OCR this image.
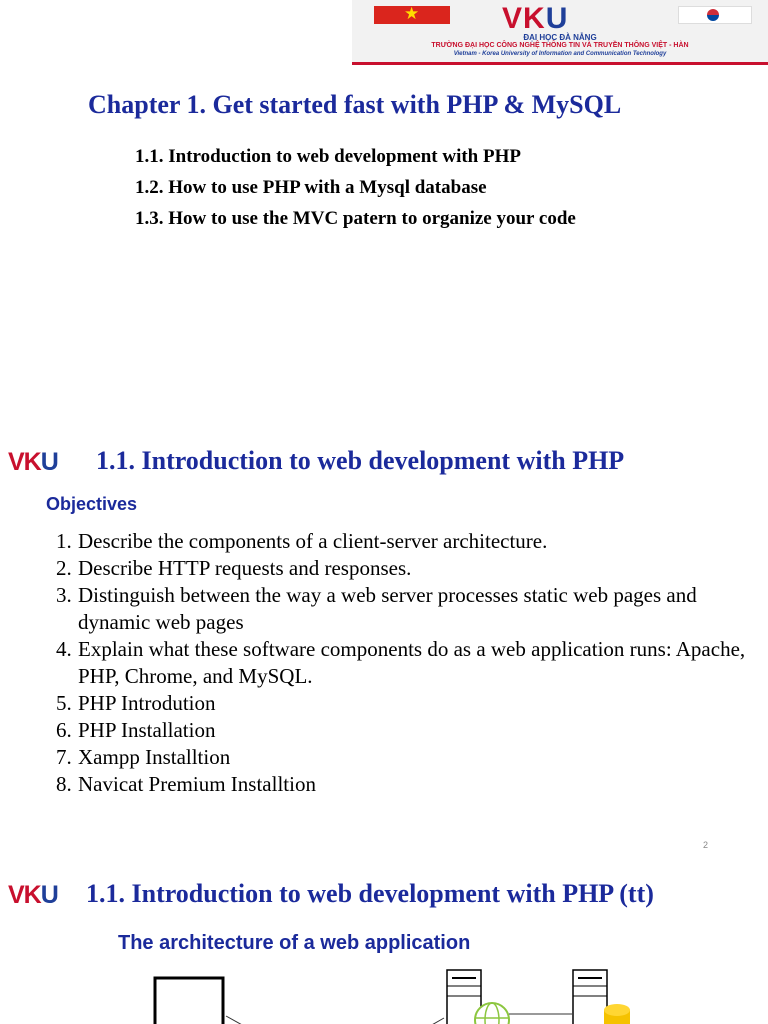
★	VKU
ĐẠI HỌC ĐÀ NẴNG
TRƯỜNG ĐẠI HỌC CÔNG NGHỆ THÔNG TIN VÀ TRUYỀN THÔNG VIỆT - HÀN
Vietnam - Korea University of Information and Communication Technology
Chapter 1. Get started fast with PHP & MySQL
1.1. Introduction to web development with PHP
1.2. How to use PHP with a Mysql database
1.3. How to use the MVC patern to organize your code
VKU 1.1. Introduction to web development with PHP
Objectives
1. Describe the components of a client-server architecture.
2. Describe HTTP requests and responses.
3. Distinguish between the way a web server processes static web pages and dynamic web pages
4. Explain what these software components do as a web application runs: Apache, PHP, Chrome, and MySQL.
5. PHP Introdution
6. PHP Installation
7. Xampp Installtion
8. Navicat Premium Installtion
2
VKU 1.1. Introduction to web development with PHP (tt)
The architecture of a web application
